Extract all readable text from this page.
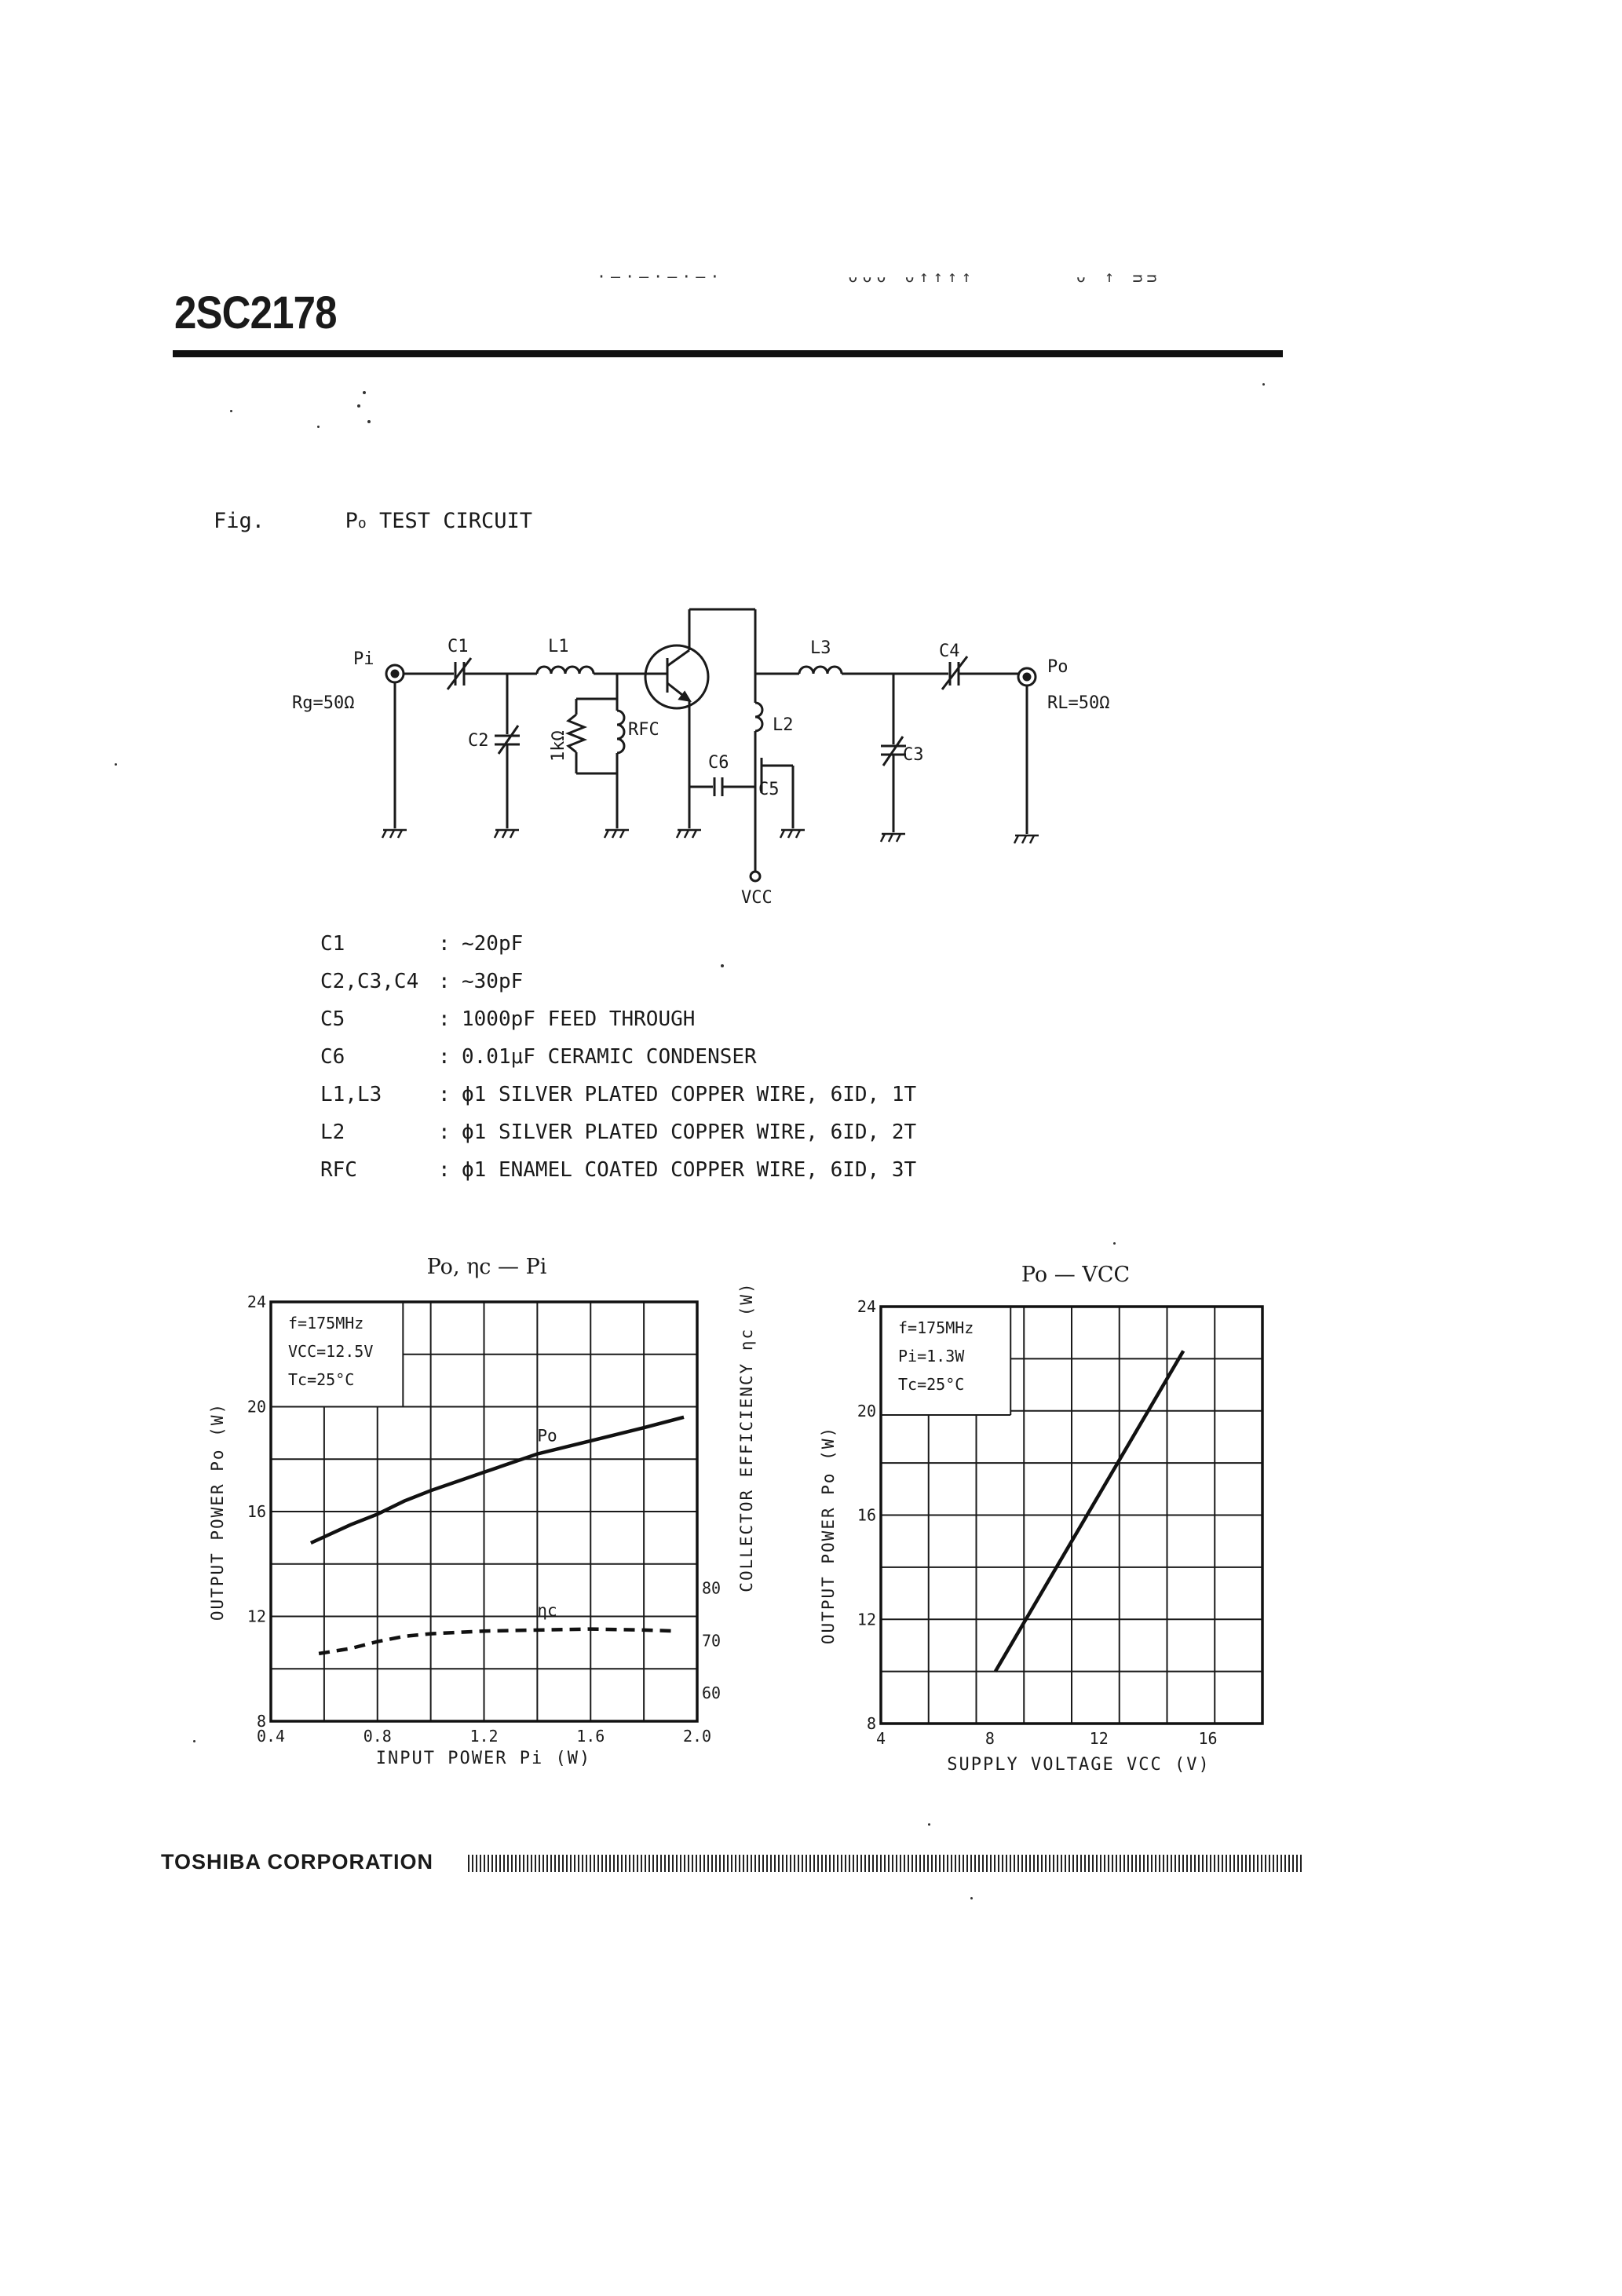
2SC2178
·–·–·–·–·	ᴗᴗᴗ ᴗ↑↑↑↑	ᴗ ↑ ᴝᴝ
Fig.	Po TEST CIRCUIT
Pi
Rg=50Ω
C1	L1
C2	1kΩ
RFC
C6
C5
L2
L3	C4
C3
Po
RL=50Ω
VCC
C1	: ~20pF
C2,C3,C4 : ~30pF
C5	: 1000pF FEED THROUGH
C6	: 0.01μF CERAMIC CONDENSER
L1,L3	: ϕ1 SILVER PLATED COPPER WIRE, 6ID, 1T
L2	: ϕ1 SILVER PLATED COPPER WIRE, 6ID, 2T
RFC	: ϕ1 ENAMEL COATED COPPER WIRE, 6ID, 3T
f=175MHz
VCC=12.5V
Tc=25°C
0.4	0.8	1.2	1.6	2.0
8
12
16
20
24
60
70
80 COLLECTOR EFFICIENCY ηc (W)
INPUT POWER Pi (W)
OUTPUT POWER Po (W)
Po, ηc — Pi
Po
ηc
f=175MHz
Pi=1.3W
Tc=25°C
4	8	12	16
8
12
16
20
24
SUPPLY VOLTAGE VCC (V)
OUTPUT POWER Po (W)
Po — VCC
TOSHIBA CORPORATION
